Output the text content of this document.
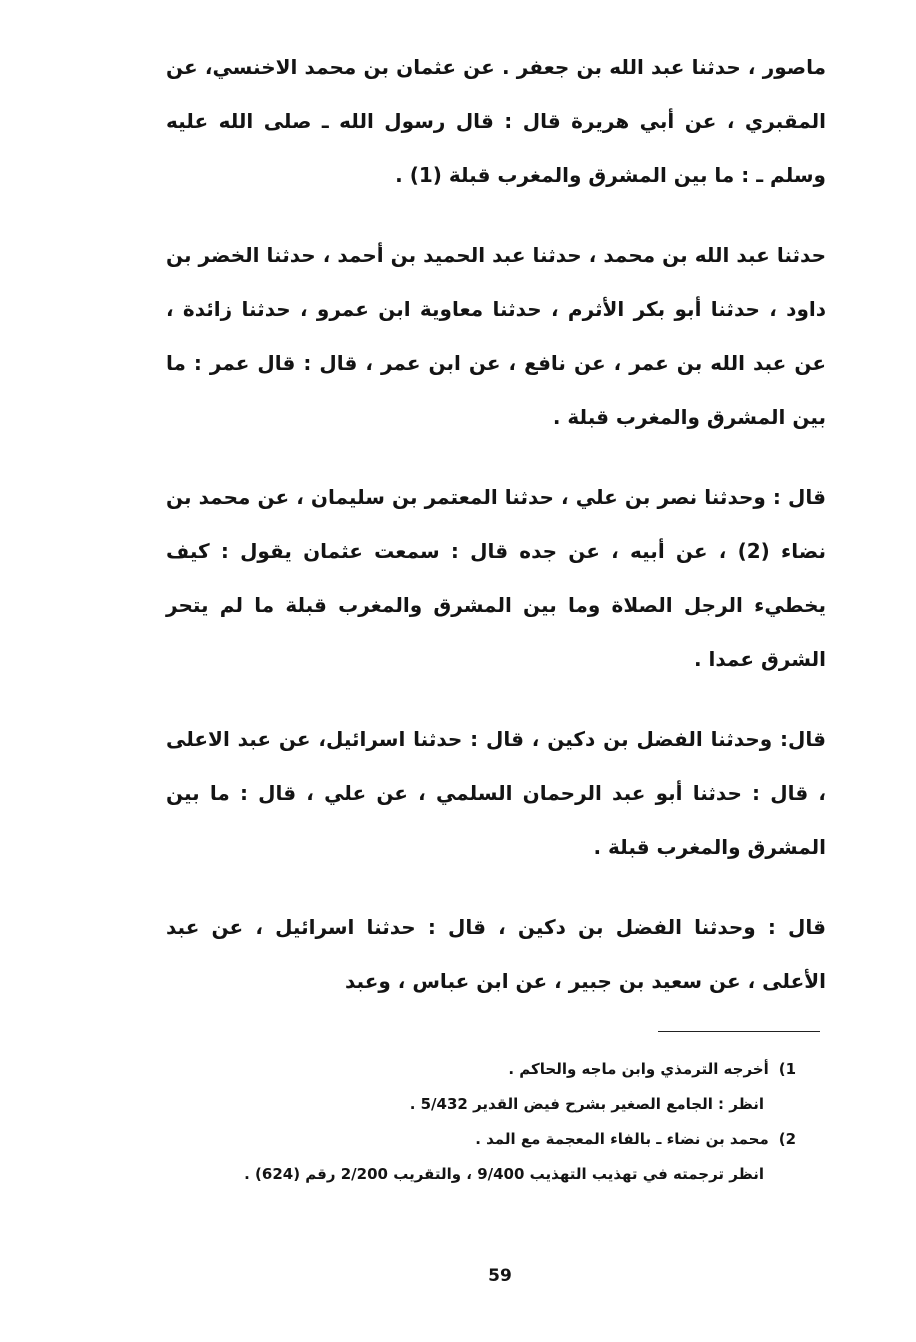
ماصور ، حدثنا عبد الله بن جعفر . عن عثمان بن محمد الاخنسي، عن المقبري ، عن أبي هريرة قال : قال رسول الله ـ صلى الله عليه وسلم ـ : ما بين المشرق والمغرب قبلة (1) .

حدثنا عبد الله بن محمد ، حدثنا عبد الحميد بن أحمد ، حدثنا الخضر بن داود ، حدثنا أبو بكر الأثرم ، حدثنا معاوية ابن عمرو ، حدثنا زائدة ، عن عبد الله بن عمر ، عن نافع ، عن ابن عمر ، قال : قال عمر : ما بين المشرق والمغرب قبلة .

قال : وحدثنا نصر بن علي ، حدثنا المعتمر بن سليمان ، عن محمد بن نضاء (2) ، عن أبيه ، عن جده قال : سمعت عثمان يقول : كيف يخطيء الرجل الصلاة وما بين المشرق والمغرب قبلة ما لم يتحر الشرق عمدا .

قال: وحدثنا الفضل بن دكين ، قال : حدثنا اسرائيل، عن عبد الاعلى ، قال : حدثنا أبو عبد الرحمان السلمي ، عن علي ، قال : ما بين المشرق والمغرب قبلة .

قال : وحدثنا الفضل بن دكين ، قال : حدثنا اسرائيل ، عن عبد الأعلى ، عن سعيد بن جبير ، عن ابن عباس ، وعبد

1) أخرجه الترمذي وابن ماجه والحاكم .
انظر : الجامع الصغير بشرح فيض القدير 5/432 .
2) محمد بن نضاء ـ بالفاء المعجمة مع المد .
انظر ترجمته في تهذيب التهذيب 9/400 ، والتقريب 2/200 رقم (624) .
59
